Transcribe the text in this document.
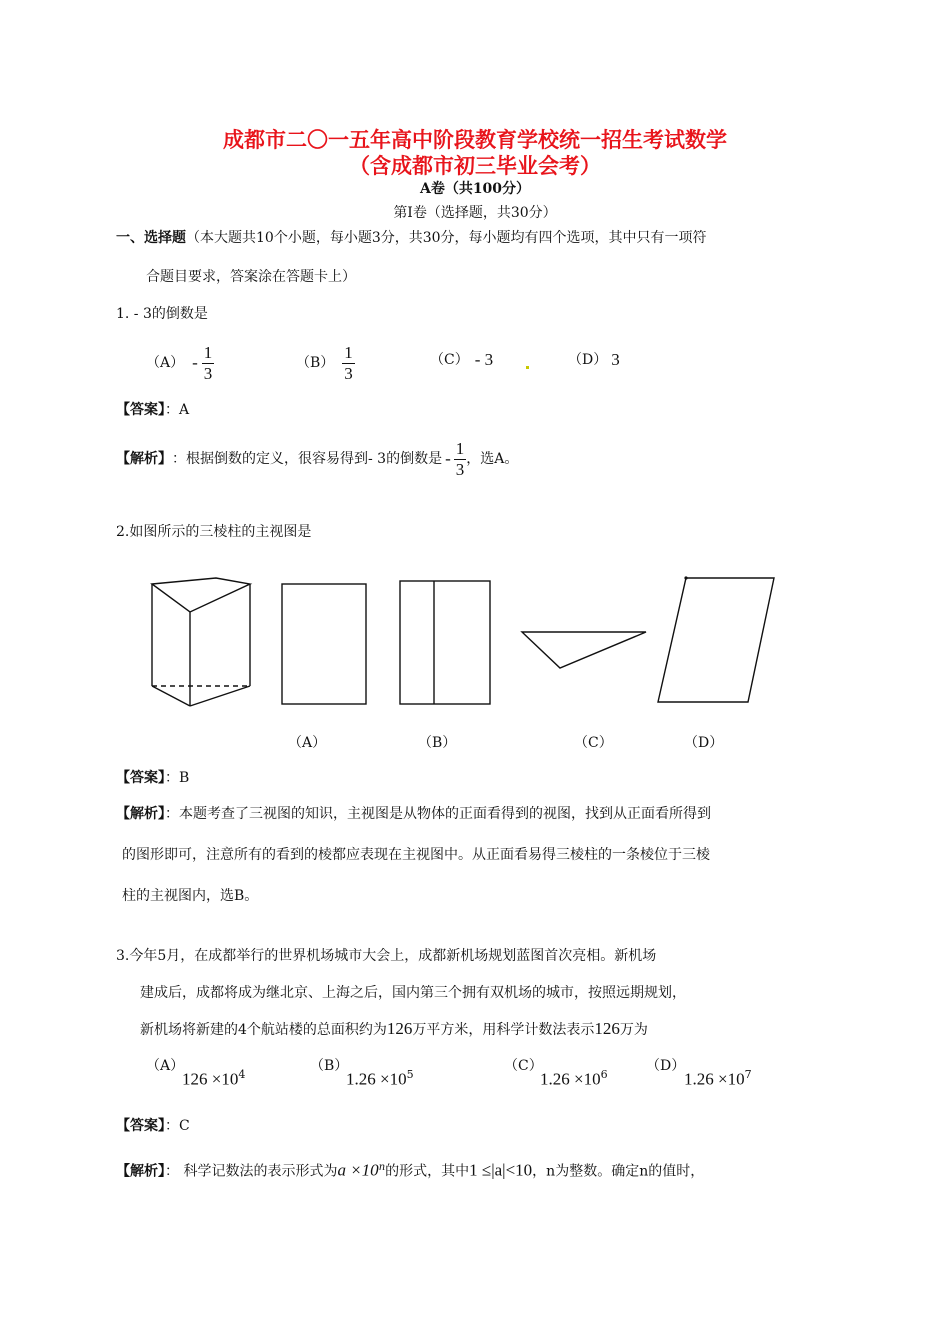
成都市二〇一五年高中阶段教育学校统一招生考试数学
（含成都市初三毕业会考）
A卷（共100分）
第Ⅰ卷（选择题，共30分）
一、选择题（本大题共10个小题，每小题3分，共30分，每小题均有四个选项，其中只有一项符
合题目要求，答案涂在答题卡上）
1. - 3的倒数是
$(A) - \frac{1}{3}$	$(B) \frac{1}{3}$	（C） - 3	（D） 3
【答案】：A
【解析】 ：根据倒数的定义，很容易得到- 3的倒数是 - $\frac{1}{3}$ ，选A。
2.如图所示的三棱柱的主视图是
（A）	（B）	（C）	（D）
【答案】：B
【解析】：本题考查了三视图的知识，主视图是从物体的正面看得到的视图，找到从正面看所得到
的图形即可，注意所有的看到的棱都应表现在主视图中。从正面看易得三棱柱的一条棱位于三棱
柱的主视图内，选B。
3.今年5月，在成都举行的世界机场城市大会上，成都新机场规划蓝图首次亮相。新机场
建成后，成都将成为继北京、上海之后，国内第三个拥有双机场的城市，按照远期规划，
新机场将新建的4个航站楼的总面积约为126万平方米，用科学计数法表示126万为
（A）
$126 \times 10^4$
（B）
$1.26 \times 10^5$
（C）
$1.26 \times 10^6$
（D）
$1.26 \times 10^7$
【答案】：C
【解析】： 科学记数法的表示形式为$a \times 10^n$的形式，其中1 ≤|a|<10，n为整数。确定n的值时，
